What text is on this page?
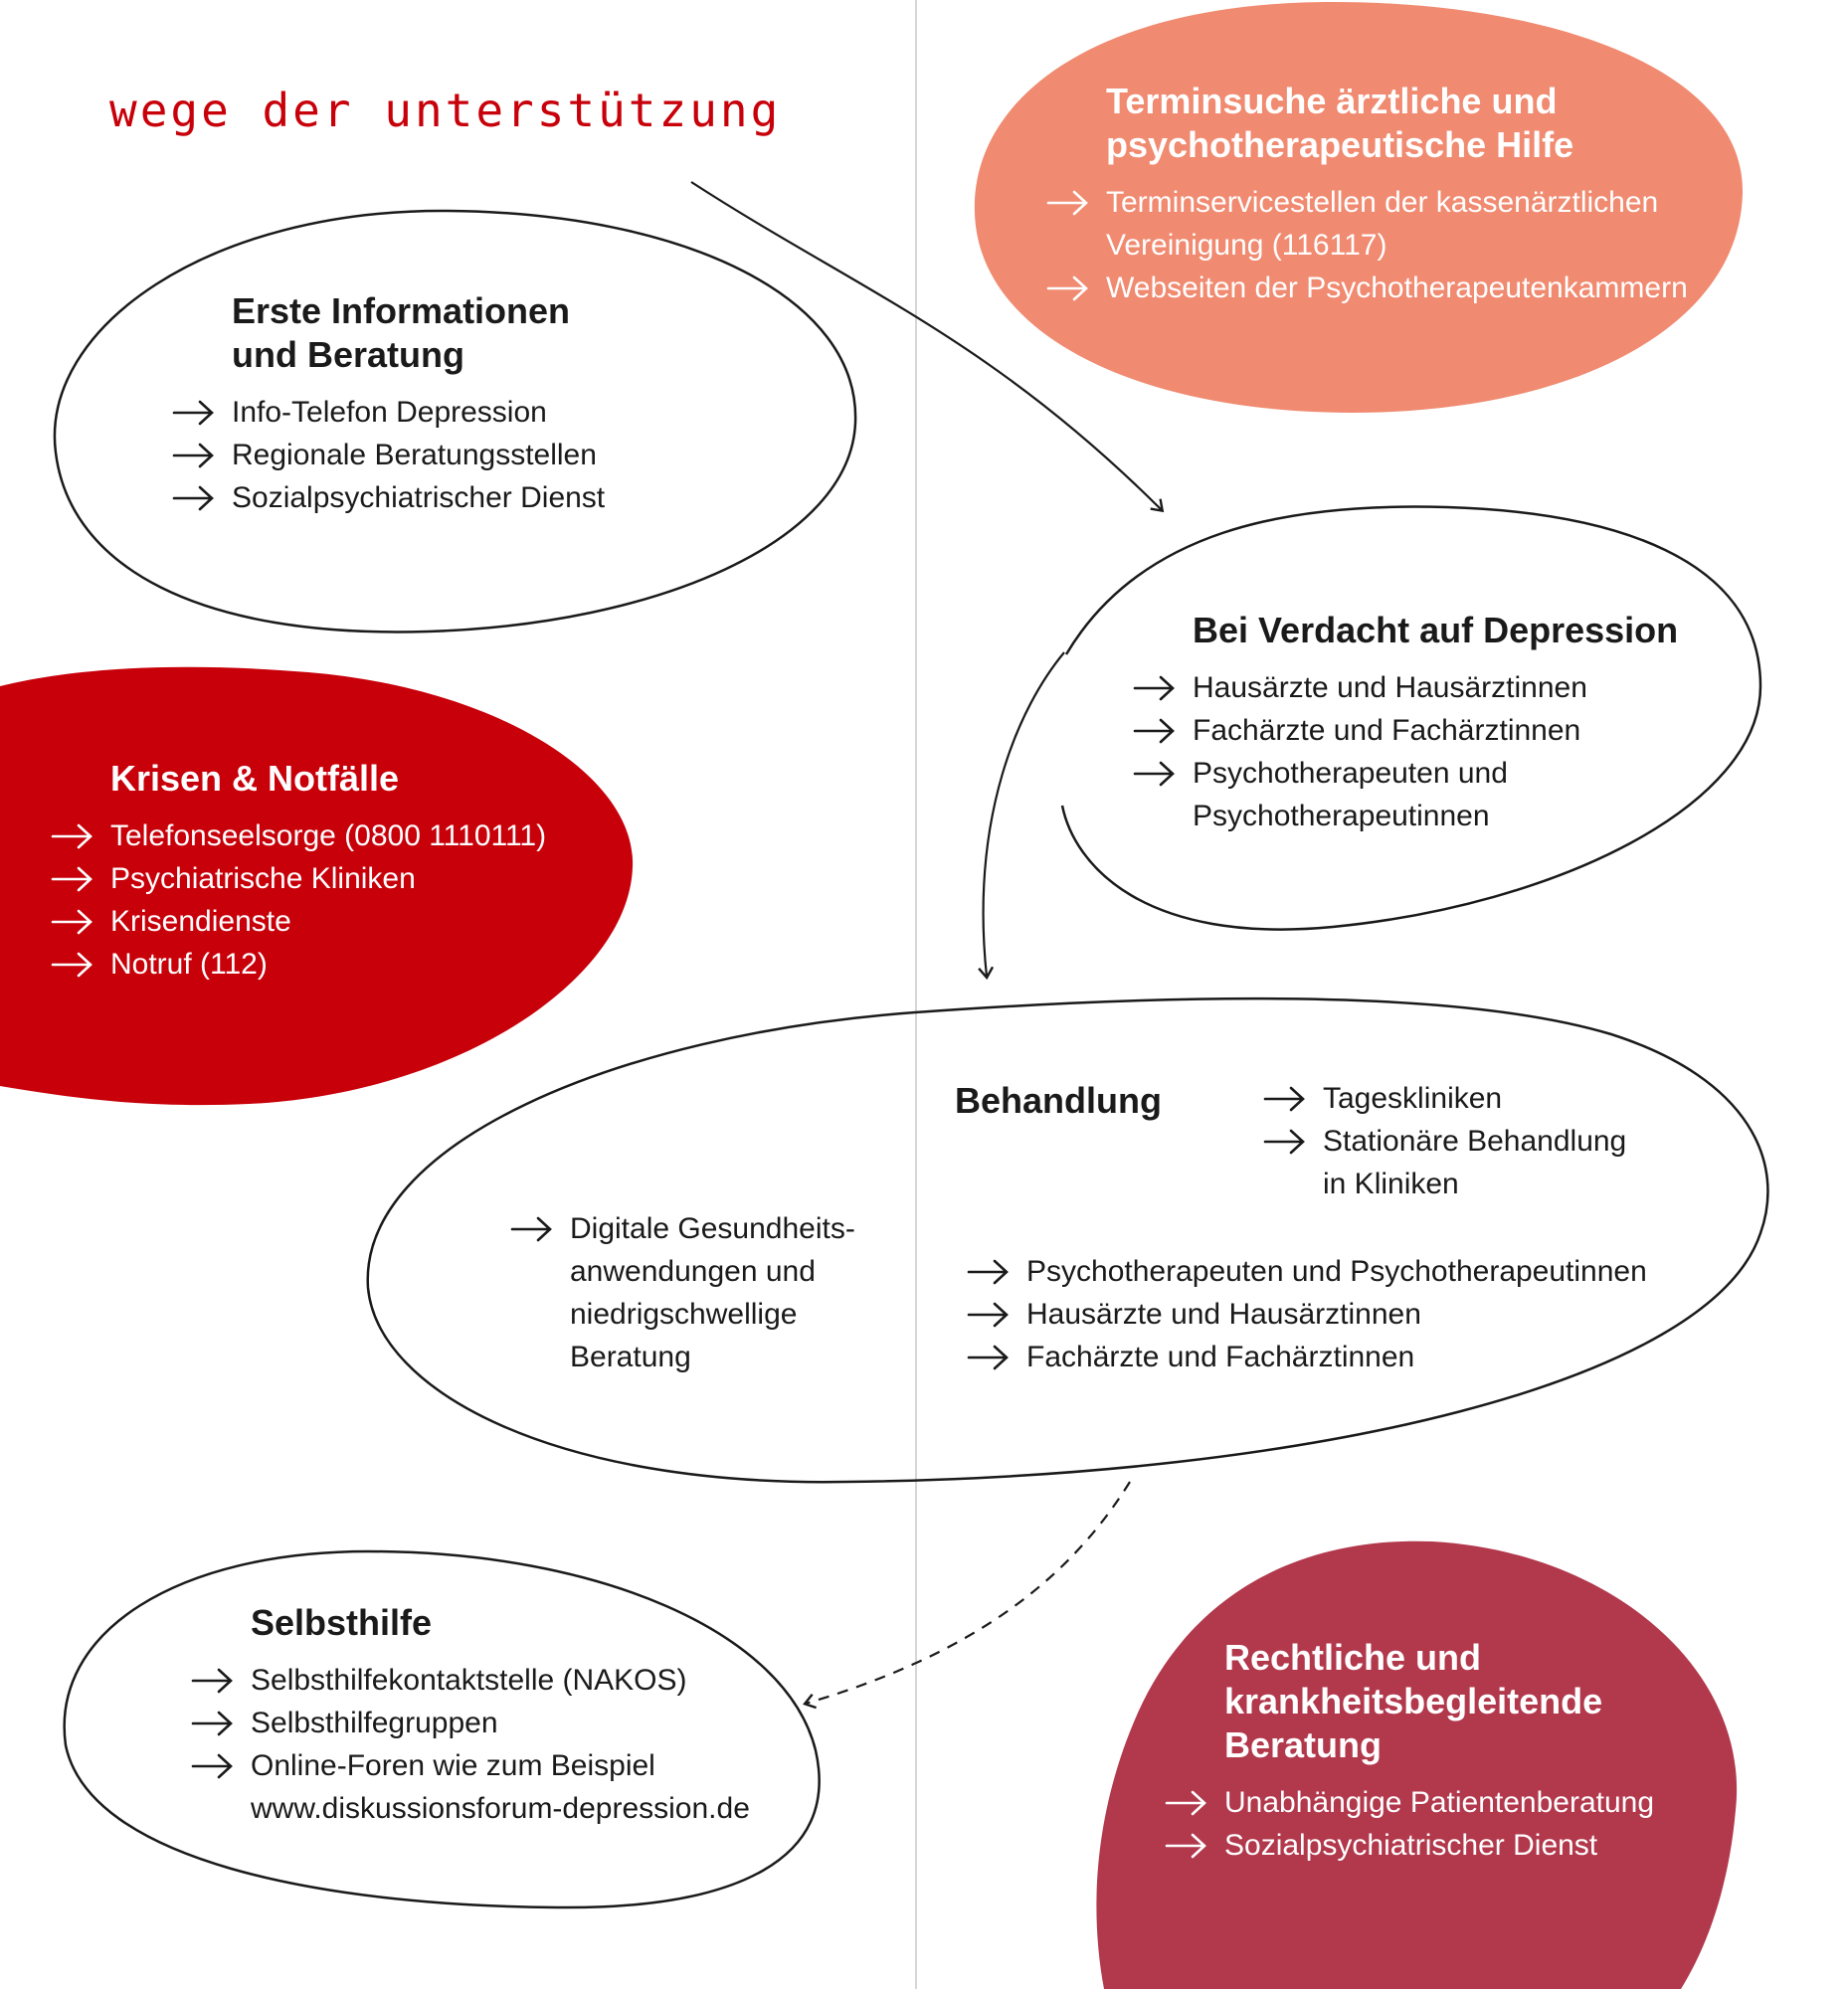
wege der unterstützung	Terminsuche ärztliche und
psychotherapeutische Hilfe
Terminservicestellen der kassenärztlichen
Vereinigung (116117)
Webseiten der Psychotherapeutenkammern
Erste Informationen
und Beratung
Info-Telefon Depression
Regionale Beratungsstellen
Sozialpsychiatrischer Dienst
Bei Verdacht auf Depression
Hausärzte und Hausärztinnen
Fachärzte und Fachärztinnen
Psychotherapeuten und
Psychotherapeutinnen
Krisen & Notfälle
Telefonseelsorge (0800 1110111)
Psychiatrische Kliniken
Krisendienste
Notruf (112)
Behandlung	Tageskliniken
Stationäre Behandlung
in Kliniken
Digitale Gesundheits-
anwendungen und
niedrigschwellige
Beratung
Psychotherapeuten und Psychotherapeutinnen
Hausärzte und Hausärztinnen
Fachärzte und Fachärztinnen
Selbsthilfe
Selbsthilfekontaktstelle (NAKOS)
Selbsthilfegruppen
Online-Foren wie zum Beispiel
www.diskussionsforum-depression.de
Rechtliche und
krankheitsbegleitende
Beratung
Unabhängige Patientenberatung
Sozialpsychiatrischer Dienst
